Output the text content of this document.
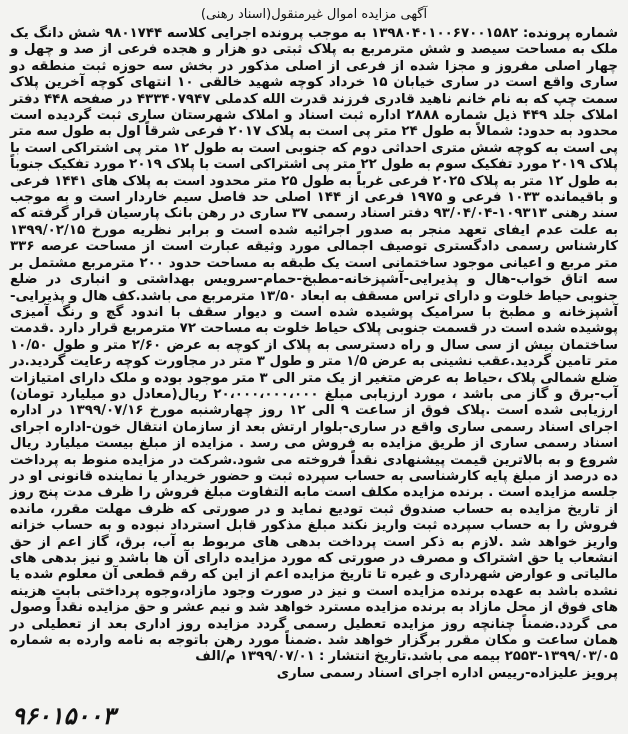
آگهی مزایده اموال غیرمنقول(اسناد رهنی)

شماره پرونده: ۱۳۹۸۰۴۰۱۰۰۶۷۰۰۱۵۸۲ به موجب پرونده اجرایی کلاسه ۹۸۰۱۷۴۴ شش دانگ یک ملک به مساحت سیصد و شش مترمربع به پلاک ثبتی دو هزار و هجده فرعی از صد و چهل و چهار اصلی مفروز و مجزا شده از فرعی از اصلی مذکور در بخش سه حوزه ثبت منطقه دو ساری واقع است در ساری خیابان ۱۵ خرداد کوچه شهید خالقی ۱۰ انتهای کوچه آخرین پلاک سمت چپ که به نام خانم ناهید قادری فرزند قدرت الله کدملی ۴۳۳۴۰۷۹۴۷ در صفحه ۴۴۸ دفتر املاک جلد ۴۴۹ ذیل شماره ۲۸۸۸ اداره ثبت اسناد و املاک شهرستان ساری ثبت گردیده است محدود به حدود: شمالاً به طول ۲۴ متر پی است به پلاک ۲۰۱۷ فرعی شرقاً اول به طول سه متر پی است به کوچه شش متری احداثی دوم که جنوبی است به طول ۱۲ متر پی اشتراکی است با پلاک ۲۰۱۹ مورد تفکیک سوم به طول ۲۲ متر پی اشتراکی است با پلاک ۲۰۱۹ مورد تفکیک جنوباً به طول ۱۲ متر به پلاک ۲۰۲۵ فرعی غرباً به طول ۲۵ متر محدود است به پلاک های ۱۴۴۱ فرعی و باقیمانده ۱۰۳۳ فرعی و ۱۹۷۵ فرعی از ۱۴۴ اصلی حد فاصل سیم خاردار است و به موجب سند رهنی ۱۰۹۳۱۳-۹۳/۰۴/۰۴ دفتر اسناد رسمی ۳۷ ساری در رهن بانک پارسیان قرار گرفته که به علت عدم ایفای تعهد منجر به صدور اجرائیه شده است و برابر نظریه مورخ ۱۳۹۹/۰۲/۱۵ کارشناس رسمی دادگستری توصیف اجمالی مورد وثیقه عبارت است از مساحت عرصه ۳۳۶ متر مربع و اعیانی موجود ساختمانی است یک طبقه به مساحت حدود ۲۰۰ مترمربع مشتمل بر سه اتاق خواب-هال و پذیرایی-آشپزخانه-مطبخ-حمام-سرویس بهداشتی و انباری در ضلع جنوبی حیاط خلوت و دارای تراس مسقف به ابعاد ۱۳/۵۰ مترمربع می باشد.کف هال و پذیرایی-آشپزخانه و مطبخ با سرامیک پوشیده شده است و دیوار سقف با اندود گچ و رنگ آمیزی پوشیده شده است در قسمت جنوبی پلاک حیاط خلوت به مساحت ۷۲ مترمربع قرار دارد .قدمت ساختمان بیش از سی سال و راه دسترسی به پلاک از کوچه به عرض ۲/۶۰ متر و طول ۱۰/۵۰ متر تامین گردید.عقب نشینی به عرض ۱/۵ متر و طول ۳ متر در مجاورت کوچه رعایت گردید.در ضلع شمالی پلاک ،حیاط به عرض متغیر از یک متر الی ۳ متر موجود بوده و ملک دارای امتیازات آب-برق و گاز می باشد ، مورد ارزیابی مبلغ ۲۰،۰۰۰،۰۰۰،۰۰۰ ریال(معادل دو میلیارد تومان) ارزیابی شده است .پلاک فوق از ساعت ۹ الی ۱۲ روز چهارشنبه مورخ ۱۳۹۹/۰۷/۱۶ در اداره اجرای اسناد رسمی ساری واقع در ساری-بلوار ارتش بعد از سازمان انتقال خون-اداره اجرای اسناد رسمی ساری از طریق مزایده به فروش می رسد . مزایده از مبلغ بیست میلیارد ریال شروع و به بالاترین قیمت پیشنهادی نقداً فروخته می شود.شرکت در مزایده منوط به پرداخت ده درصد از مبلغ پایه کارشناسی به حساب سپرده ثبت و حضور خریدار یا نماینده قانونی او در جلسه مزایده است . برنده مزایده مکلف است مابه التفاوت مبلغ فروش را ظرف مدت پنج روز از تاریخ مزایده به حساب صندوق ثبت تودیع نماید و در صورتی که ظرف مهلت مقرر، مانده فروش را به حساب سپرده ثبت واریز نکند مبلغ مذکور قابل استرداد نبوده و به حساب خزانه واریز خواهد شد .لازم به ذکر است پرداخت بدهی های مربوط به آب، برق، گاز اعم از حق انشعاب یا حق اشتراک و مصرف در صورتی که مورد مزایده دارای آن ها باشد و نیز بدهی های مالیاتی و عوارض شهرداری و غیره تا تاریخ مزایده اعم از این که رقم قطعی آن معلوم شده یا نشده باشد به عهده برنده مزایده است و نیز در صورت وجود مازاد،وجوه پرداختی بابت هزینه های فوق از محل مازاد به برنده مزایده مسترد خواهد شد و نیم عشر و حق مزایده نقداً وصول می گردد.ضمناً چنانچه روز مزایده تعطیل رسمی گردد مزایده روز اداری بعد از تعطیلی در همان ساعت و مکان مقرر برگزار خواهد شد .ضمناً مورد رهن باتوجه به نامه وارده به شماره ۱۳۹۹/۰۳/۰۵-۲۵۵۳ بیمه می باشد.تاریخ انتشار : ۱۳۹۹/۰۷/۰۱ م/الف

پرویز علیزاده-رییس اداره اجرای اسناد رسمی ساری
۹۶۰۱۵۰۰۳
